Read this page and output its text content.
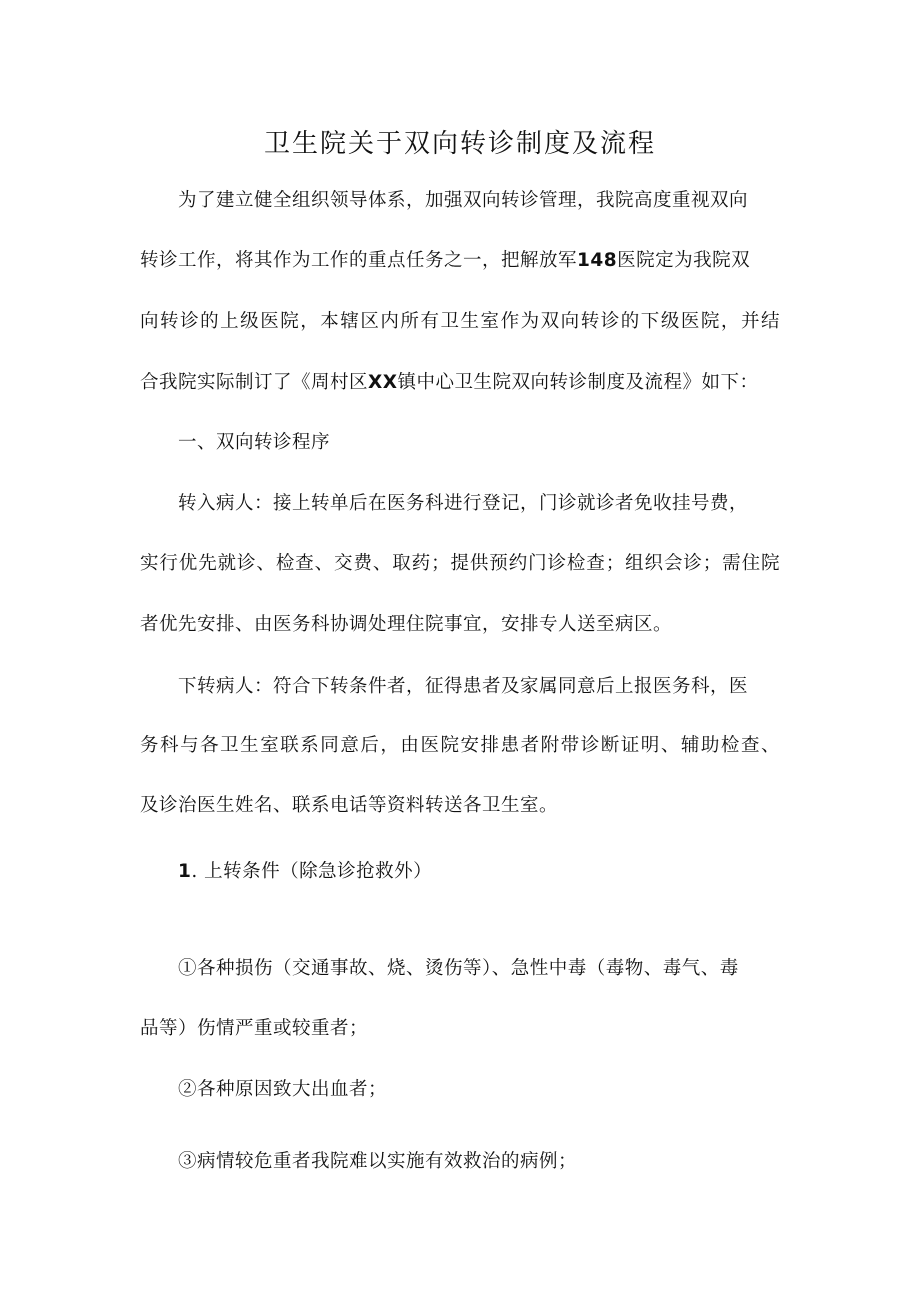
卫生院关于双向转诊制度及流程

为了建立健全组织领导体系，加强双向转诊管理，我院高度重视双向

转诊工作，将其作为工作的重点任务之一，把解放军148医院定为我院双

向转诊的上级医院，本辖区内所有卫生室作为双向转诊的下级医院，并结

合我院实际制订了《周村区XX镇中心卫生院双向转诊制度及流程》如下：

一、双向转诊程序

转入病人：接上转单后在医务科进行登记，门诊就诊者免收挂号费，

实行优先就诊、检查、交费、取药；提供预约门诊检查；组织会诊；需住院

者优先安排、由医务科协调处理住院事宜，安排专人送至病区。

下转病人：符合下转条件者，征得患者及家属同意后上报医务科，医

务科与各卫生室联系同意后，由医院安排患者附带诊断证明、辅助检查、

及诊治医生姓名、联系电话等资料转送各卫生室。

1. 上转条件（除急诊抢救外）

①各种损伤（交通事故、烧、烫伤等）、急性中毒（毒物、毒气、毒

品等）伤情严重或较重者；

②各种原因致大出血者；

③病情较危重者我院难以实施有效救治的病例；
